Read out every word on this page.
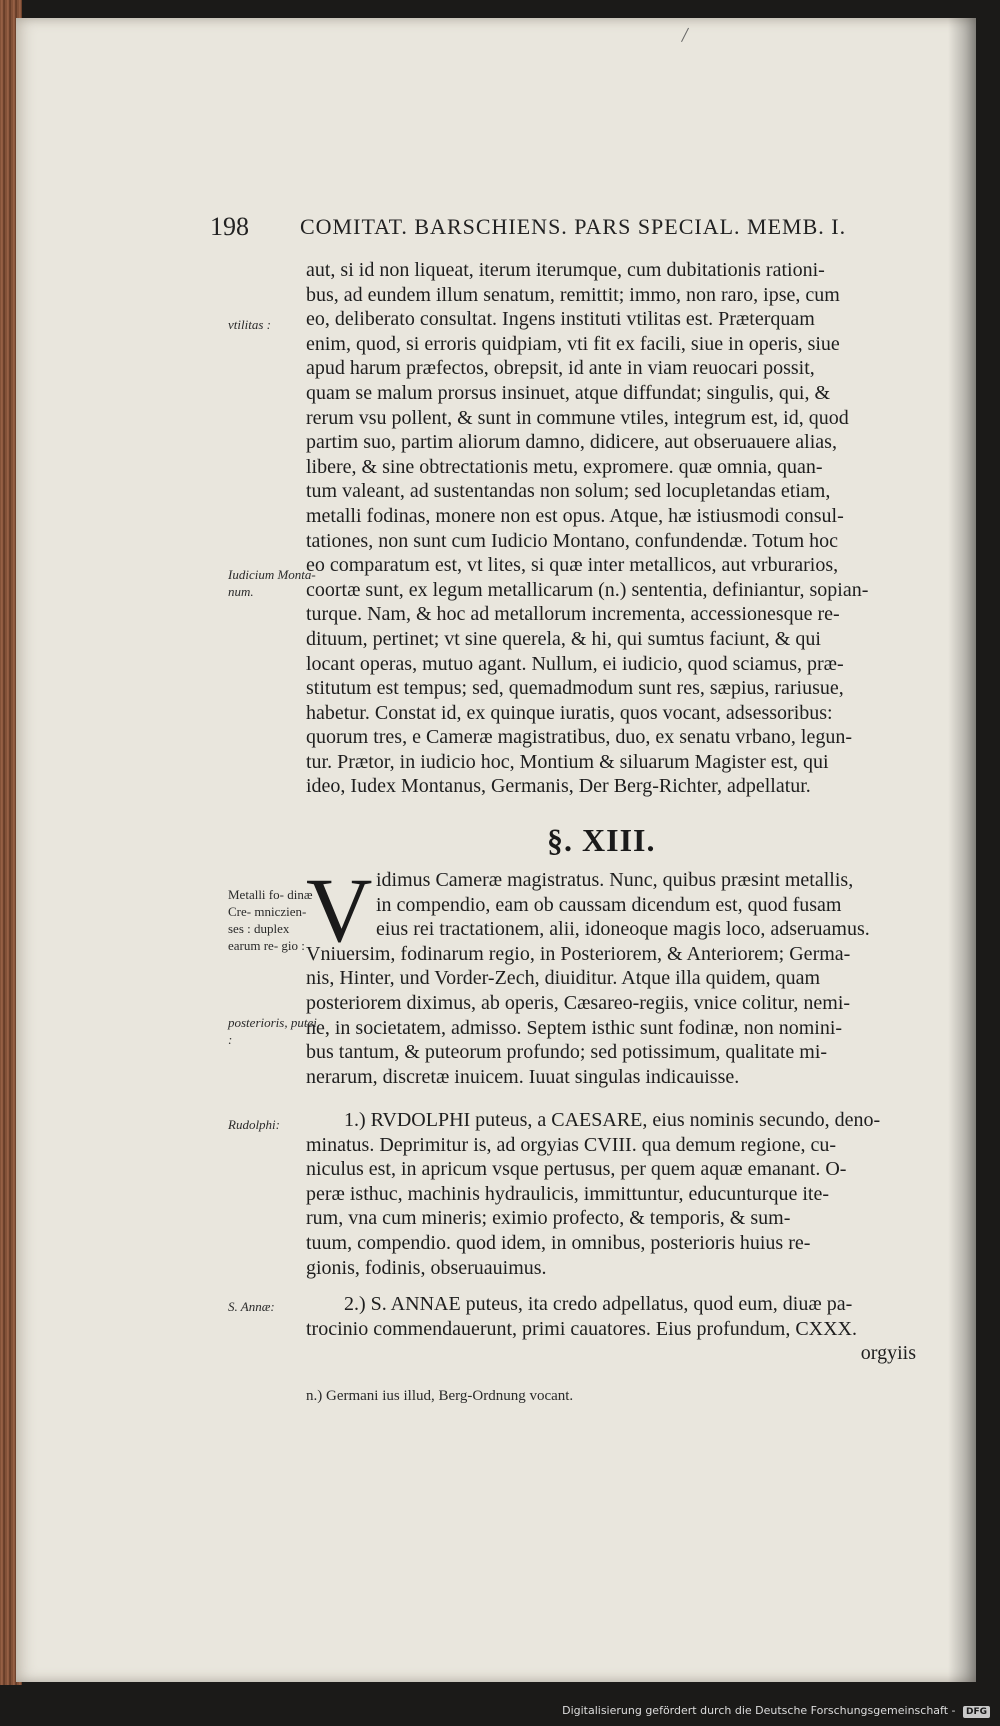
/
198 COMITAT. BARSCHIENS. PARS SPECIAL. MEMB. I.
aut, si id non liqueat, iterum iterumque, cum dubitationis rationi-
bus, ad eundem illum senatum, remittit; immo, non raro, ipse, cum
eo, deliberato consultat. Ingens instituti vtilitas est. Præterquam
enim, quod, si erroris quidpiam, vti fit ex facili, siue in operis, siue
apud harum præfectos, obrepsit, id ante in viam reuocari possit,
quam se malum prorsus insinuet, atque diffundat; singulis, qui, &
rerum vsu pollent, & sunt in commune vtiles, integrum est, id, quod
partim suo, partim aliorum damno, didicere, aut obseruauere alias,
libere, & sine obtrectationis metu, expromere. quæ omnia, quan-
tum valeant, ad sustentandas non solum; sed locupletandas etiam,
metalli fodinas, monere non est opus. Atque, hæ istiusmodi consul-
tationes, non sunt cum Iudicio Montano, confundendæ. Totum hoc
eo comparatum est, vt lites, si quæ inter metallicos, aut vrburarios,
coortæ sunt, ex legum metallicarum (n.) sententia, definiantur, sopian-
turque. Nam, & hoc ad metallorum incrementa, accessionesque re-
dituum, pertinet; vt sine querela, & hi, qui sumtus faciunt, & qui
locant operas, mutuo agant. Nullum, ei iudicio, quod sciamus, præ-
stitutum est tempus; sed, quemadmodum sunt res, sæpius, rariusue,
habetur. Constat id, ex quinque iuratis, quos vocant, adsessoribus:
quorum tres, e Cameræ magistratibus, duo, ex senatu vrbano, legun-
tur. Prætor, in iudicio hoc, Montium & siluarum Magister est, qui
ideo, Iudex Montanus, Germanis, Der Berg-Richter, adpellatur.
§. XIII.
V idimus Cameræ magistratus. Nunc, quibus præsint metallis,
in compendio, eam ob caussam dicendum est, quod fusam
eius rei tractationem, alii, idoneoque magis loco, adseruamus.
Vniuersim, fodinarum regio, in Posteriorem, & Anteriorem; Germa-
nis, Hinter, und Vorder-Zech, diuiditur. Atque illa quidem, quam
posteriorem diximus, ab operis, Cæsareo-regiis, vnice colitur, nemi-
ne, in societatem, admisso. Septem isthic sunt fodinæ, non nomini-
bus tantum, & puteorum profundo; sed potissimum, qualitate mi-
nerarum, discretæ inuicem. Iuuat singulas indicauisse.
1.) RVDOLPHI puteus, a CAESARE, eius nominis secundo, deno-
minatus. Deprimitur is, ad orgyias CVIII. qua demum regione, cu-
niculus est, in apricum vsque pertusus, per quem aquæ emanant. O-
peræ isthuc, machinis hydraulicis, immittuntur, educunturque ite-
rum, vna cum mineris; eximio profecto, & temporis, & sum-
tuum, compendio. quod idem, in omnibus, posterioris huius re-
gionis, fodinis, obseruauimus.
2.) S. ANNAE puteus, ita credo adpellatus, quod eum, diuæ pa-
trocinio commendauerunt, primi cauatores. Eius profundum, CXXX.
orgyiis
vtilitas :
Iudicium Monta- num.
Metalli fo- dinæ Cre- mniczien- ses : duplex earum re- gio :
posterioris, putei :
Rudolphi:
S. Annæ:
n.) Germani ius illud, Berg-Ordnung vocant.
Digitalisierung gefördert durch die Deutsche Forschungsgemeinschaft - DFG
